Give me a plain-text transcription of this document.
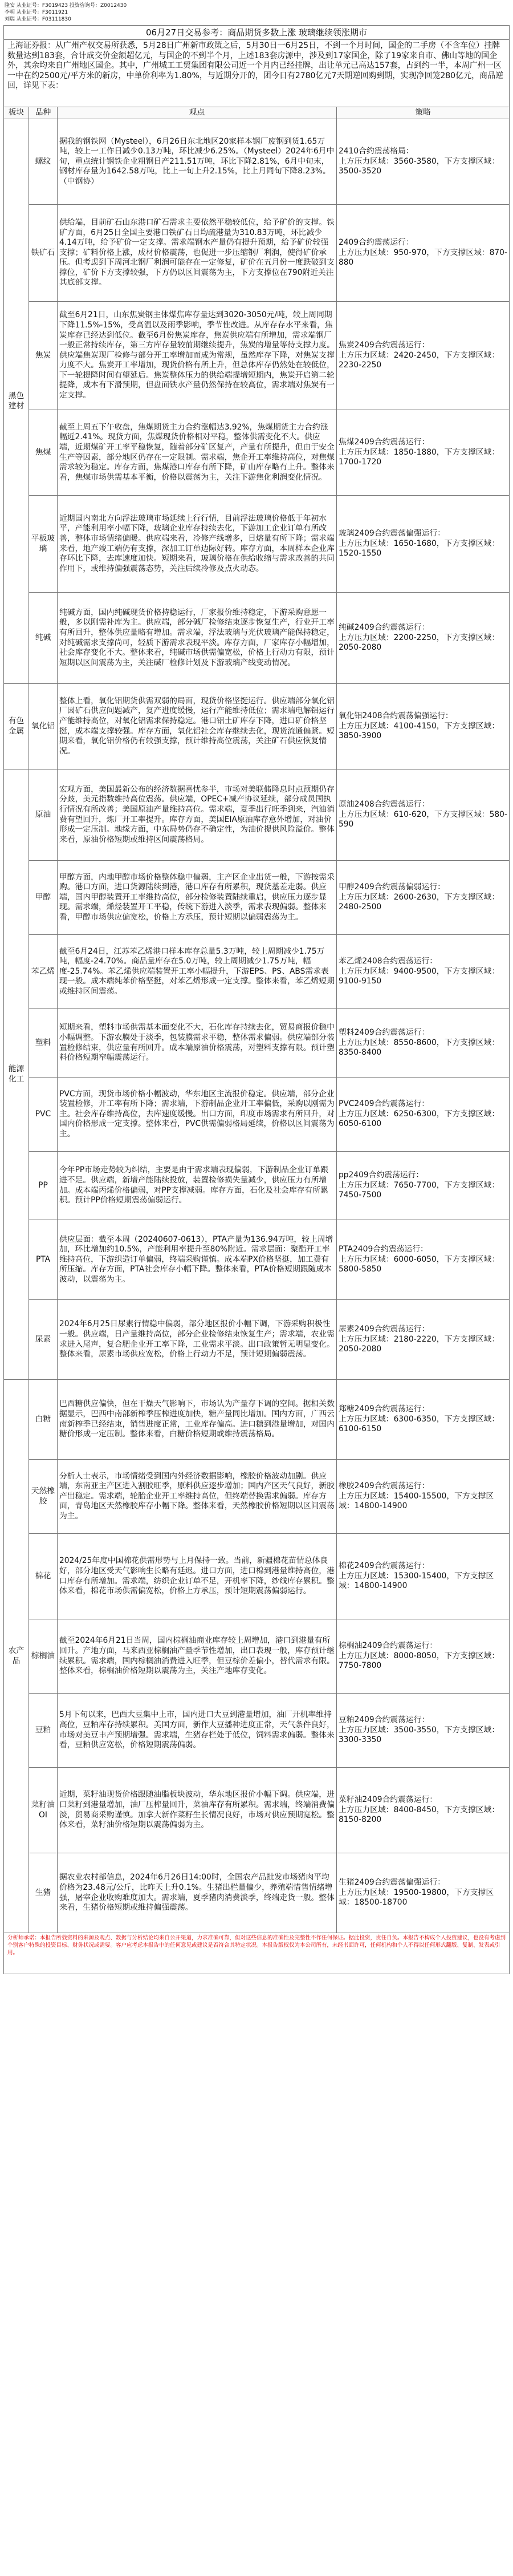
隆安 从业证号：F3019423 投资咨询号：Z0012430
李明 从业证号：F3011921
刘瑞 从业证号：F03111830
06月27日交易参考：商品期货多数上涨 玻璃继续领涨期市
上海证券报：从广州产权交易所获悉，5月28日广州新市政策之后，5月30日一6月25日，不到一个月时间，国企的二手房（不含车位）挂牌数量达到183套，合计成交价金额超亿元，与国企的不到半个月，上述183套房源中，涉及到17家国企，除了19家来自市、佛山等地的国企外，其余均来自广州地区国企。其中，广州城工工贸集团有限公司近一个月内已经挂牌，出让单元已高达157套，占到约一半，本周广州一区一中在约2500元/平方米的新房，中单价利率为1.80%，与近期分开的，团今日有2780亿元7天期逆回购到期，实现净回笼280亿元，商品逆回，详见下表：
板块	品种	观点	策略
黑色建材	螺纹	据我的钢铁网（Mysteel），6月26日东北地区20家样本钢厂废钢到货1.65万吨，较上一工作日减少0.13万吨，环比减少6.25%。（Mysteel）2024年6月中旬，重点统计钢铁企业粗钢日产211.51万吨，环比下降2.81%，6月中旬末，钢材库存量为1642.58万吨，比上一旬上升2.15%，比上月同旬下降8.23%。（中钢协）	2410合约震荡格局：
上方压力区域：3560-3580，下方支撑区域：3500-3520

	铁矿石	供给端，目前矿石山东港口矿石需求主要依然平稳较低位，给予矿价的支撑。铁矿方面，6月25日全国主要港口铁矿石日均疏港量为310.83万吨，环比减少4.14万吨，给予矿价一定支撑。需求端钢水产量仍有提升预期，给予矿价较强支撑；矿料价格上涨，成材价格震荡，也促进一步压缩钢厂利润，使得矿价承压。但考虑到下周河北钢厂利润可能存在一定修复，矿价在五月份一度跌破到支撑位，矿价下方支撑较强，下方仍以区间震荡为主，下方支撑位在790附近关注其底部支撑。	2409合约震荡运行：
上方压力区域：950-970，下方支撑区域：870-880

	焦炭	截至6月21日，山东焦炭钢主体煤焦库存量达到3020-3050元/吨，较上周同期下降11.5%-15%，受高温以及雨季影响，季节性改进。从库存存水平来看，焦炭库存已经达到低位。截至6月份焦炭库存，焦炭供应端有所增加，需求端钢厂一般正常持续库存，第三方库存量较前期继续提升，焦炭的增量等待支撑力度。供应端焦炭现厂检修与部分开工率增加而成为常规，虽然库存下降，对焦炭支撑力度不大。焦炭开工率增加，现货价格有所上升，但总体库存仍然处在较低位，下一轮提降时间有望延后。焦炭整体压力的供给端提增短期内，焦炭开启第二轮提降，成本有下滑预期，但盘面铁水产量仍然保持在较高位，需求端对焦炭有一定支撑。	焦炭2409合约震荡运行：
上方压力区域：2420-2450，下方支撑区域：2230-2250

	焦煤	截至上周五下午收盘，焦煤期货主力合约涨幅达3.92%，焦煤期货主力合约涨幅近2.41%。现货方面，焦煤现货价格相对平稳，整体供需变化不大。供应端，近期煤矿开工率平稳恢复，随着部分矿区复产，产量有所提升，但由于安全生产等因素，部分地区仍存在一定限制。需求端，焦企开工率维持高位，对焦煤需求较为稳定。库存方面，焦煤港口库存有所下降，矿山库存略有上升。整体来看，焦煤市场供需基本平衡，价格以震荡为主，关注下游焦化利润变化情况。	焦煤2409合约震荡运行：
上方压力区域：1850-1880，下方支撑区域：1700-1720

	平板玻璃	近期国内南北方向浮法玻璃市场延续上行行情，目前浮法玻璃价格低于年初水平，产能利用率小幅下降，玻璃企业库存持续去化，下游加工企业订单有所改善，整体市场情绪偏暖。供应端来看，冷修产线增多，日熔量有所下降；需求端来看，地产竣工端仍有支撑，深加工订单边际好转。库存方面，本周样本企业库存环比下降，去库速度加快。短期来看，玻璃价格在供给收缩与需求改善的共同作用下，或维持偏强震荡态势，关注后续冷修及点火动态。	玻璃2409合约震荡偏强运行：
上方压力区域：1650-1680，下方支撑区域：1520-1550

	纯碱	纯碱方面，国内纯碱现货价格持稳运行，厂家报价维持稳定，下游采购意愿一般，多以刚需补库为主。供应端，部分碱厂检修结束逐步恢复生产，行业开工率有所回升，整体供应量略有增加。需求端，浮法玻璃与光伏玻璃产能保持稳定，对纯碱需求支撑尚可，轻质下游需求表现平淡。库存方面，厂家库存小幅增加，社会库存变化不大。整体来看，纯碱市场供需偏宽松，价格上行动力有限，预计短期以区间震荡为主，关注碱厂检修计划及下游玻璃产线变动情况。	纯碱2409合约震荡运行：
上方压力区域：2200-2250，下方支撑区域：2050-2080

有色金属	氧化铝	整体上看，氧化铝期货供需双弱的局面，现货价格坚挺运行。供应端部分氧化铝厂因矿石供应问题减产，复产进度缓慢，运行产能维持低位；需求端电解铝运行产能维持高位，对氧化铝需求保持稳定。港口铝土矿库存下降，进口矿价格坚挺，成本端支撑较强。库存方面，氧化铝社会库存继续去化，现货流通偏紧。短期来看，氧化铝价格仍有较强支撑，预计维持高位震荡，关注矿石供应恢复情况。	氧化铝2408合约震荡偏强运行：
上方压力区域：4100-4150，下方支撑区域：3850-3900

能源化工	原油	宏观方面，美国最新公布的经济数据喜忧参半，市场对美联储降息时点预期仍存分歧，美元指数维持高位震荡。供应端，OPEC+减产协议延续，部分成员国执行情况有所改善；美国原油产量维持高位。需求端，夏季出行旺季到来，汽油消费有望回升，炼厂开工率提升。库存方面，美国EIA原油库存意外增加，对油价形成一定压制。地缘方面，中东局势仍存不确定性，为油价提供风险溢价。整体来看，原油价格短期或维持区间震荡格局。	原油2408合约震荡运行：
上方压力区域：610-620，下方支撑区域：580-590

	甲醇	甲醇方面，内地甲醇市场价格整体稳中偏弱，主产区企业出货一般，下游按需采购。港口方面，进口货源陆续到港，港口库存有所累积，现货基差走弱。供应端，国内甲醇装置开工率维持高位，部分检修装置陆续重启，供应压力逐步显现。需求端，烯烃装置开工平稳，传统下游进入淡季，需求表现偏弱。整体来看，甲醇市场供应偏宽松，价格上方承压，预计短期以偏弱震荡为主。	甲醇2409合约震荡偏弱运行：
上方压力区域：2600-2630，下方支撑区域：2480-2500

	苯乙烯	截至6月24日，江苏苯乙烯港口样本库存总量5.3万吨，较上周期减少1.75万吨，幅度-24.70%。商品量库存在5.0万吨，较上周期减少1.75万吨，幅度-25.74%。苯乙烯供应端装置开工率小幅提升，下游EPS、PS、ABS需求表现一般。成本端纯苯价格坚挺，对苯乙烯形成一定支撑。整体来看，苯乙烯短期或维持区间震荡。	苯乙烯2408合约震荡运行：
上方压力区域：9400-9500，下方支撑区域：9100-9150

	塑料	短期来看，塑料市场供需基本面变化不大，石化库存持续去化，贸易商报价稳中小幅调整。下游农膜处于淡季，包装膜需求平稳，整体需求偏弱。供应端部分装置检修结束，供应量有所回升。成本端原油价格震荡，对塑料支撑有限。预计塑料价格短期窄幅震荡运行。	塑料2409合约震荡运行：
上方压力区域：8550-8600，下方支撑区域：8350-8400

	PVC	PVC方面，现货市场价格小幅波动，华东地区主流报价稳定。供应端，部分企业装置检修，开工率有所下降；需求端，下游制品企业开工率偏低，采购以刚需为主。社会库存维持高位，去库速度缓慢。出口方面，印度市场需求有所回升，对国内价格形成一定支撑。整体来看，PVC供需偏弱格局延续，价格以区间震荡为主。	PVC2409合约震荡运行：
上方压力区域：6250-6300，下方支撑区域：6050-6100

	PP	今年PP市场走势较为纠结，主要是由于需求端表现偏弱，下游制品企业订单跟进不足。供应端，新增产能陆续投放，装置检修损失量减少，供应压力有所增加。成本端丙烯价格偏弱，对PP支撑减弱。库存方面，石化及社会库存有所累积。预计PP价格短期震荡偏弱运行。	pp2409合约震荡运行：
上方压力区域：7650-7700，下方支撑区域：7450-7500

	PTA	供应层面：截至本周（20240607-0613），PTA产量为136.94万吨，较上周增加，环比增加约10.5%，产能利用率提升至80%附近。需求层面：聚酯开工率维持高位，下游织造订单偏弱，终端采购谨慎。成本端PX价格坚挺，加工费有所压缩。库存方面，PTA社会库存小幅下降。整体来看，PTA价格短期跟随成本波动，以震荡为主。	PTA2409合约震荡运行：
上方压力区域：6000-6050，下方支撑区域：5800-5850

	尿素	2024年6月25日尿素行情稳中偏弱，部分地区报价小幅下调，下游采购积极性一般。供应端，日产量维持高位，部分企业检修结束恢复生产；需求端，农业需求进入尾声，复合肥企业开工率下降，工业需求平淡。出口政策暂无明显变化。整体来看，尿素市场供应宽松，价格上行动力不足，预计短期偏弱震荡。	尿素2409合约震荡运行：
上方压力区域：2180-2220，下方支撑区域：2050-2080

农产品	白糖	巴西糖供应偏快，但在干燥天气影响下，市场认为产量存下调的空间。据相关数据显示，巴西中南部新榨季压榨进度加快，糖产量同比增加。国内方面，广西云南新榨季已经结束，销售进度正常，工业库存偏高。进口糖到港量增加，对国内糖价形成一定压制。整体来看，白糖价格短期或维持震荡格局。	郑糖2409合约震荡运行：
上方压力区域：6300-6350，下方支撑区域：6100-6150

	天然橡胶	分析人士表示，市场情绪受到国内外经济数据影响，橡胶价格波动加剧。供应端，东南亚主产区进入割胶旺季，原料供应逐步增加；国内产区天气良好，新胶产出稳定。需求端，轮胎企业开工率维持高位，但终端替换需求偏弱。库存方面，青岛地区天然橡胶库存小幅下降。整体来看，天然橡胶价格短期以区间震荡为主。	橡胶2409合约震荡运行：
上方压力区域：15400-15500，下方支撑区域：14800-14900

	棉花	2024/25年度中国棉花供需形势与上月保持一致。当前，新疆棉花苗情总体良好，部分地区受天气影响生长略有延迟。进口方面，进口棉到港量维持高位，港口库存有所增加。需求端，纺织企业订单不足，开机率下降，纱线库存累积。整体来看，棉花市场供需偏宽松，价格上方承压，预计短期震荡偏弱运行。	棉花2409合约震荡运行：
上方压力区域：15300-15400，下方支撑区域：14800-14900

	棕榈油	截至2024年6月21日当周，国内棕榈油商业库存较上周增加，港口到港量有所回升。产地方面，马来西亚棕榈油产量季节性增加，出口表现一般，库存预计继续累积。需求端，国内棕榈油消费进入旺季，但豆棕价差偏小，替代需求有限。整体来看，棕榈油价格短期以震荡为主，关注产地库存变化。	棕榈油2409合约震荡运行：
上方压力区域：8000-8050，下方支撑区域：7750-7800

	豆粕	5月下旬以来，巴西大豆集中上市，国内进口大豆到港量增加，油厂开机率维持高位，豆粕库存持续累积。美国方面，新作大豆播种进度正常，天气条件良好，市场对美豆丰产预期增强。需求端，生猪存栏处于低位，饲料需求偏弱。整体来看，豆粕供应宽松，价格短期震荡偏弱。	豆粕2409合约震荡运行：
上方压力区域：3500-3550，下方支撑区域：3300-3350

	菜籽油OI	近期，菜籽油现货价格跟随油脂板块波动，华东地区报价小幅下调。供应端，进口菜籽到港量增加，油厂压榨量回升，菜油库存有所累积。需求端，终端消费偏淡，贸易商采购谨慎。加拿大新作菜籽生长情况良好，市场对供应预期宽松。整体来看，菜籽油价格短期以震荡偏弱为主。	菜籽油2409合约震荡运行：
上方压力区域：8400-8450，下方支撑区域：8150-8200

	生猪	据农业农村部信息，2024年6月26日14:00时，全国农产品批发市场猪肉平均价格为23.48元/公斤，比昨天上升0.1%。生猪出栏量偏少，养殖端惜售情绪增强，屠宰企业收购难度加大。需求端，夏季猪肉消费淡季，终端走货一般。整体来看，生猪价格短期或维持偏强震荡。	生猪2409合约震荡偏强运行：
上方压力区域：19500-19800，下方支撑区域：18500-18700
分析师承诺：本报告所载资料的来源及观点、数据与分析结论均来自公开渠道，力求准确可靠，但对这些信息的准确性及完整性不作任何保证。据此投资，责任自负。本报告不构成个人投资建议，也没有考虑到个别客户特殊的投资目标、财务状况或需要。客户应考虑本报告中的任何意见或建议是否符合其特定状况。本报告版权仅为本公司所有，未经书面许可，任何机构和个人不得以任何形式翻版、复制、发表或引用。
